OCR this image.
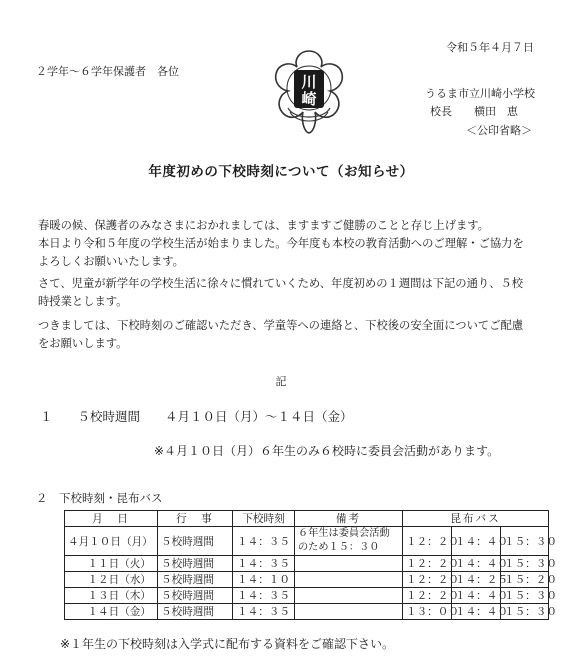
令和５年４月７日
２学年～６学年保護者　各位
川
崎	うるま市立川崎小学校
校長　　横田　恵
＜公印省略＞
年度初めの下校時刻について（お知らせ）
春暖の候、保護者のみなさまにおかれましては、ますますご健勝のことと存じ上げます。
本日より令和５年度の学校生活が始まりました。今年度も本校の教育活動へのご理解・ご協力を
よろしくお願いいたします。
さて、児童が新学年の学校生活に徐々に慣れていくため、年度初めの１週間は下記の通り、５校
時授業とします。
つきましては、下校時刻のご確認いただき、学童等への連絡と、下校後の安全面についてご配慮
をお願いします。
記
１　　５校時週間　　４月１０日（月）～１４日（金）
※４月１０日（月）６年生のみ６校時に委員会活動があります。
２　下校時刻・昆布バス
月　日	行　事	下校時刻	備考	昆布バス		
４月１０日（月）	５校時週間	１４：３５	６年生は委員会活動のため１５：３０	１２：２０	１４：４０	１５：３０
１１日（火）	５校時週間	１４：３５		１２：２０	１４：４０	１５：３０
１２日（水）	５校時週間	１４：１０		１２：２０	１４：２５	１５：２０
１３日（木）	５校時週間	１４：３５		１２：２０	１４：４０	１５：３０
１４日（金）	５校時週間	１４：３５		１３：００	１４：４０	１５：３０
※１年生の下校時刻は入学式に配布する資料をご確認下さい。
